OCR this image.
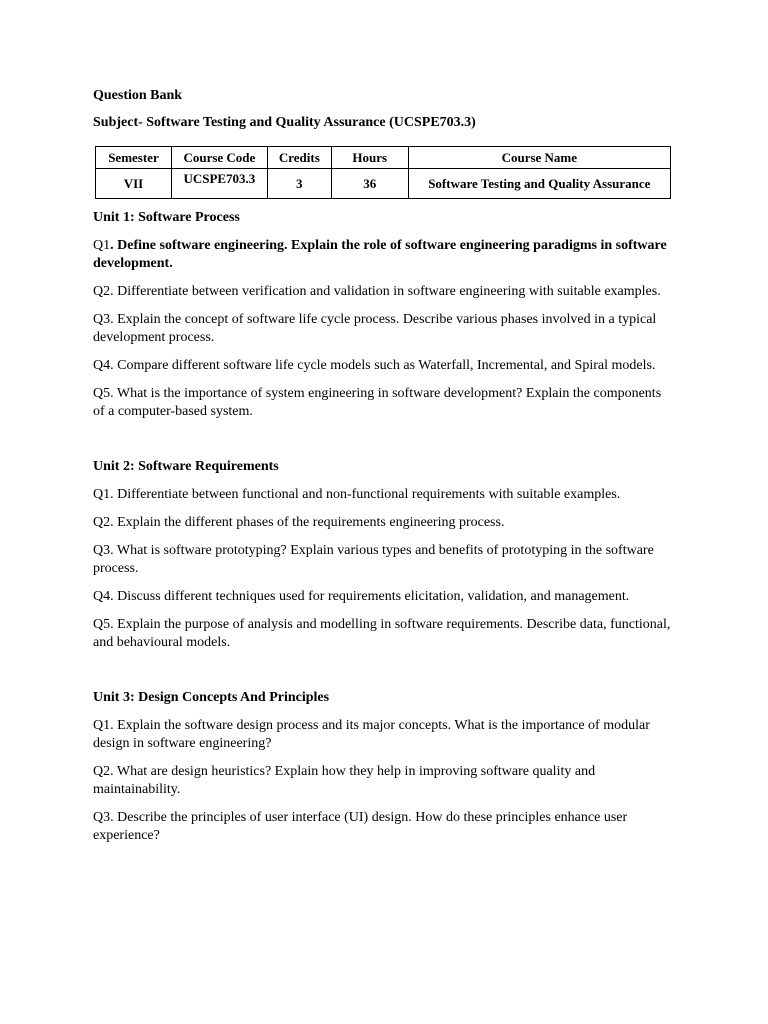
Question Bank
Subject- Software Testing and Quality Assurance (UCSPE703.3)
Semester	Course Code	Credits	Hours	Course Name
VII	UCSPE703.3	3	36	Software Testing and Quality Assurance
Unit 1: Software Process
Q1. Define software engineering. Explain the role of software engineering paradigms in software development.
Q2. Differentiate between verification and validation in software engineering with suitable examples.
Q3. Explain the concept of software life cycle process. Describe various phases involved in a typical development process.
Q4. Compare different software life cycle models such as Waterfall, Incremental, and Spiral models.
Q5. What is the importance of system engineering in software development? Explain the components of a computer-based system.
Unit 2: Software Requirements
Q1. Differentiate between functional and non-functional requirements with suitable examples.
Q2. Explain the different phases of the requirements engineering process.
Q3. What is software prototyping? Explain various types and benefits of prototyping in the software process.
Q4. Discuss different techniques used for requirements elicitation, validation, and management.
Q5. Explain the purpose of analysis and modelling in software requirements. Describe data, functional, and behavioural models.
Unit 3: Design Concepts And Principles
Q1. Explain the software design process and its major concepts. What is the importance of modular design in software engineering?
Q2. What are design heuristics? Explain how they help in improving software quality and maintainability.
Q3. Describe the principles of user interface (UI) design. How do these principles enhance user experience?
